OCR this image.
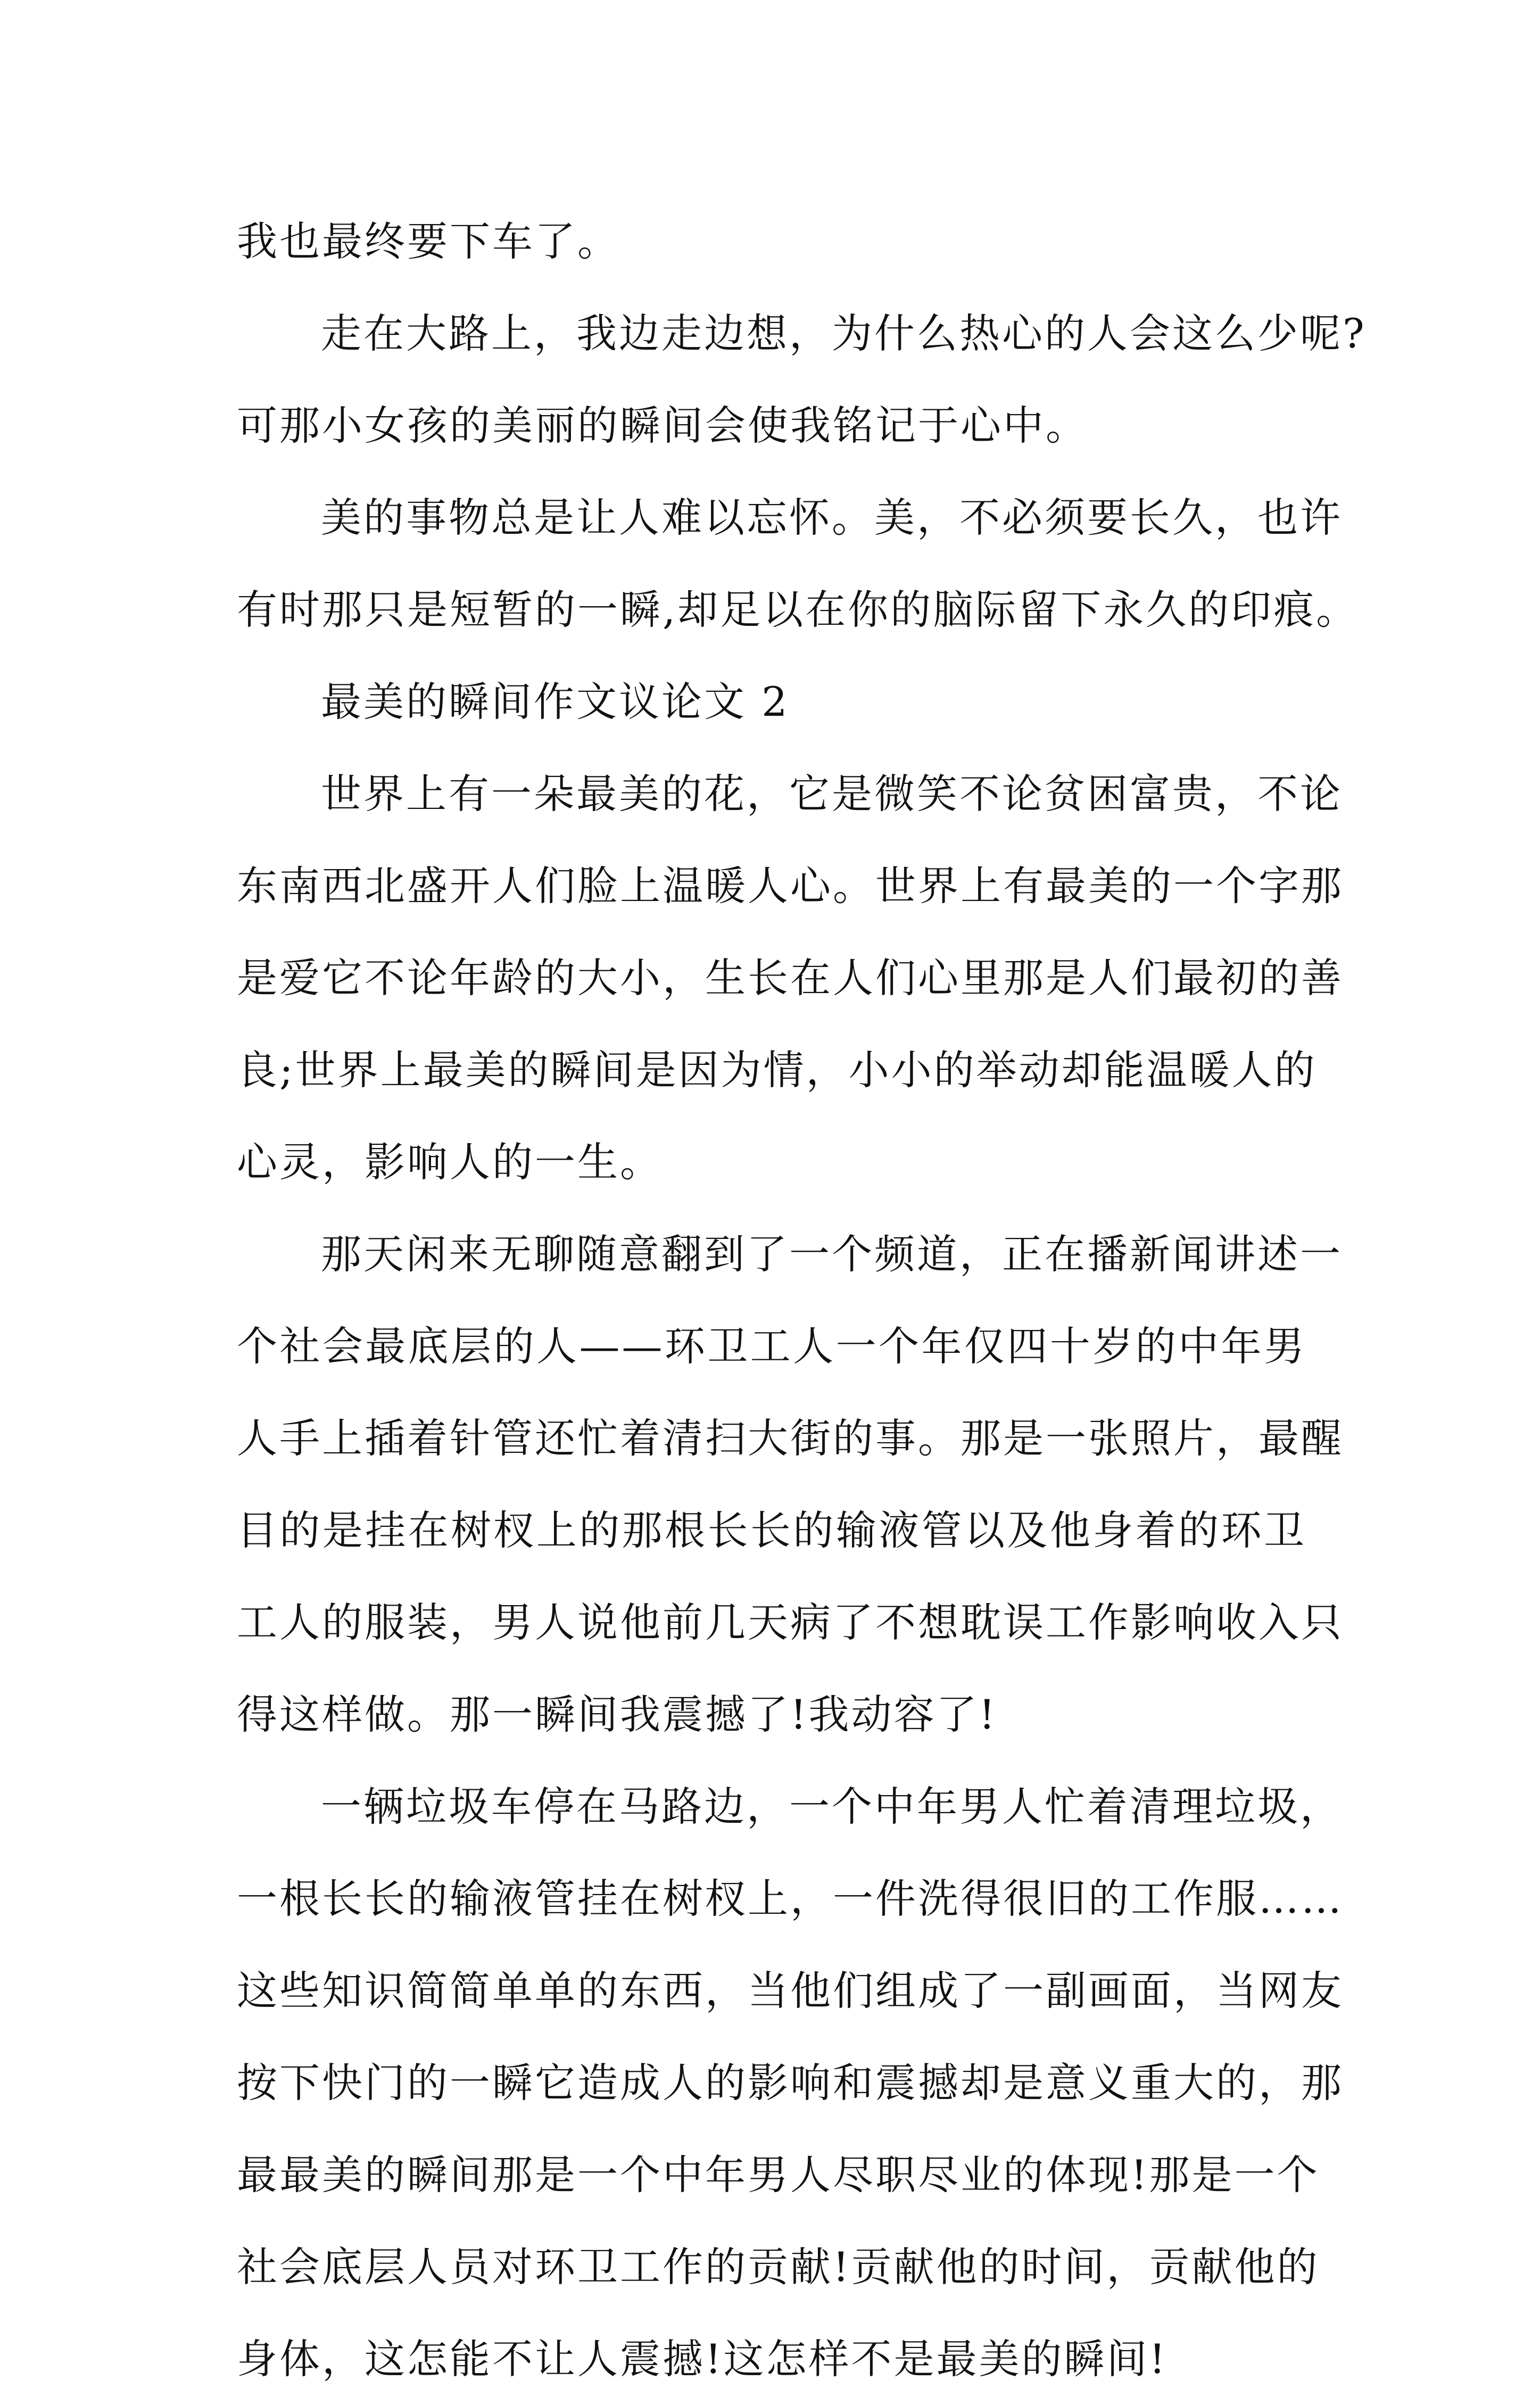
我也最终要下车了。
走在大路上，我边走边想，为什么热心的人会这么少呢?
可那小女孩的美丽的瞬间会使我铭记于心中。
美的事物总是让人难以忘怀。美，不必须要长久，也许
有时那只是短暂的一瞬,却足以在你的脑际留下永久的印痕。
最美的瞬间作文议论文 2
世界上有一朵最美的花，它是微笑不论贫困富贵，不论
东南西北盛开人们脸上温暖人心。世界上有最美的一个字那
是爱它不论年龄的大小，生长在人们心里那是人们最初的善
良;世界上最美的瞬间是因为情，小小的举动却能温暖人的
心灵，影响人的一生。
那天闲来无聊随意翻到了一个频道，正在播新闻讲述一
个社会最底层的人——环卫工人一个年仅四十岁的中年男
人手上插着针管还忙着清扫大街的事。那是一张照片，最醒
目的是挂在树杈上的那根长长的输液管以及他身着的环卫
工人的服装，男人说他前几天病了不想耽误工作影响收入只
得这样做。那一瞬间我震撼了!我动容了!
一辆垃圾车停在马路边，一个中年男人忙着清理垃圾，
一根长长的输液管挂在树杈上，一件洗得很旧的工作服……
这些知识简简单单的东西，当他们组成了一副画面，当网友
按下快门的一瞬它造成人的影响和震撼却是意义重大的，那
最最美的瞬间那是一个中年男人尽职尽业的体现!那是一个
社会底层人员对环卫工作的贡献!贡献他的时间，贡献他的
身体，这怎能不让人震撼!这怎样不是最美的瞬间!
